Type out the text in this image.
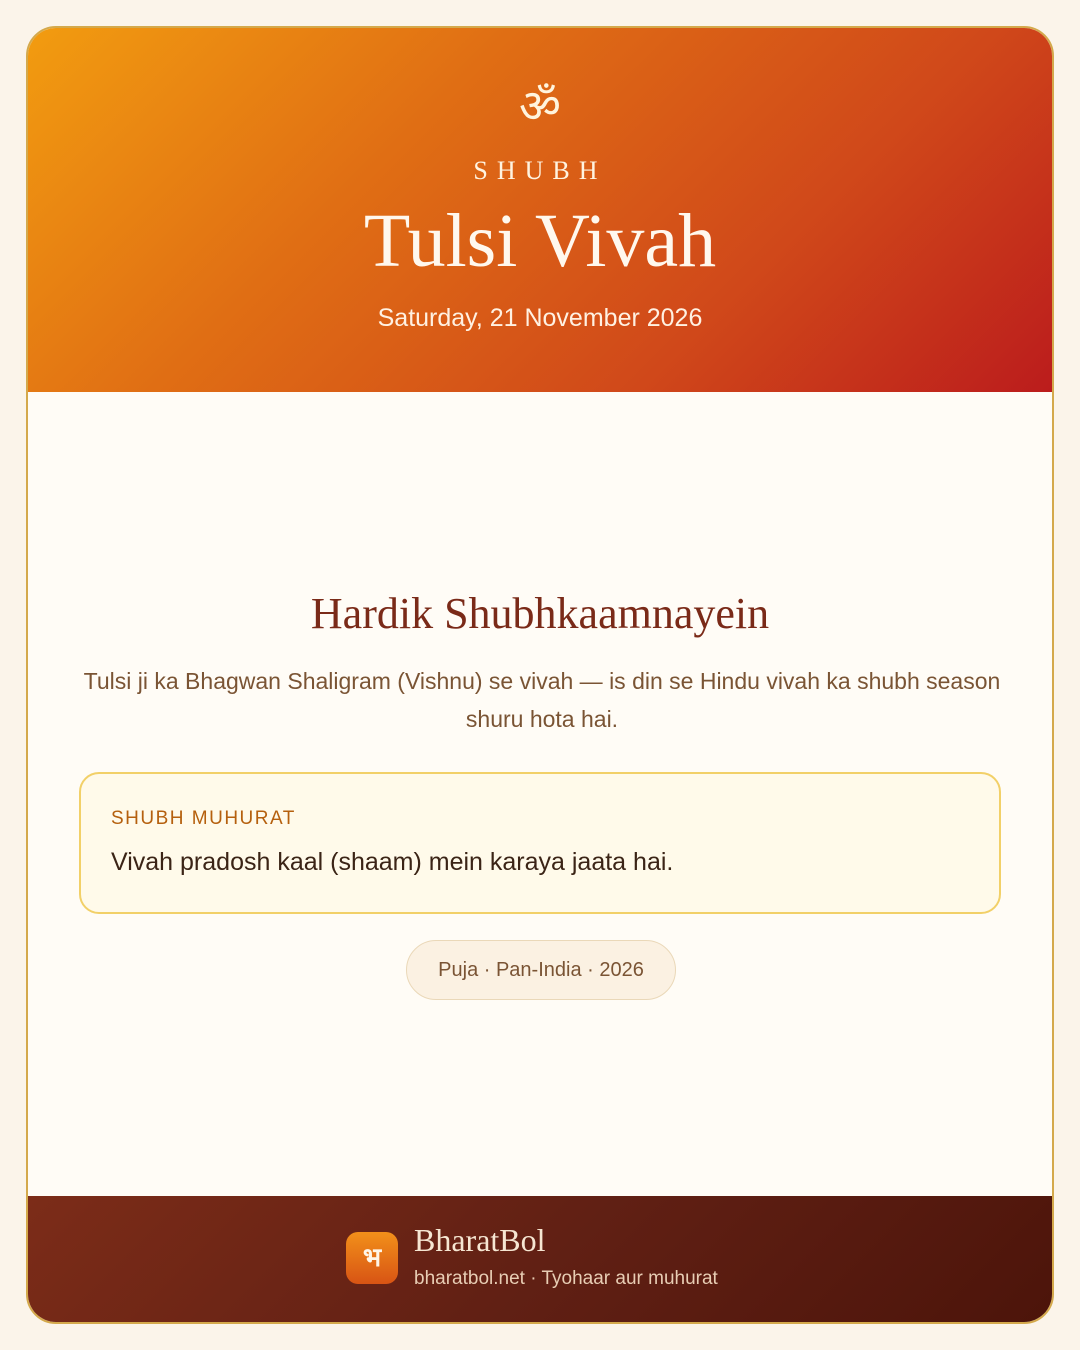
ॐ
SHUBH
Tulsi Vivah
Saturday, 21 November 2026
Hardik Shubhkaamnayein
Tulsi ji ka Bhagwan Shaligram (Vishnu) se vivah — is din se Hindu vivah ka shubh season shuru hota hai.
SHUBH MUHURAT
Vivah pradosh kaal (shaam) mein karaya jaata hai.
Puja · Pan-India · 2026
भ	BharatBol
bharatbol.net · Tyohaar aur muhurat
